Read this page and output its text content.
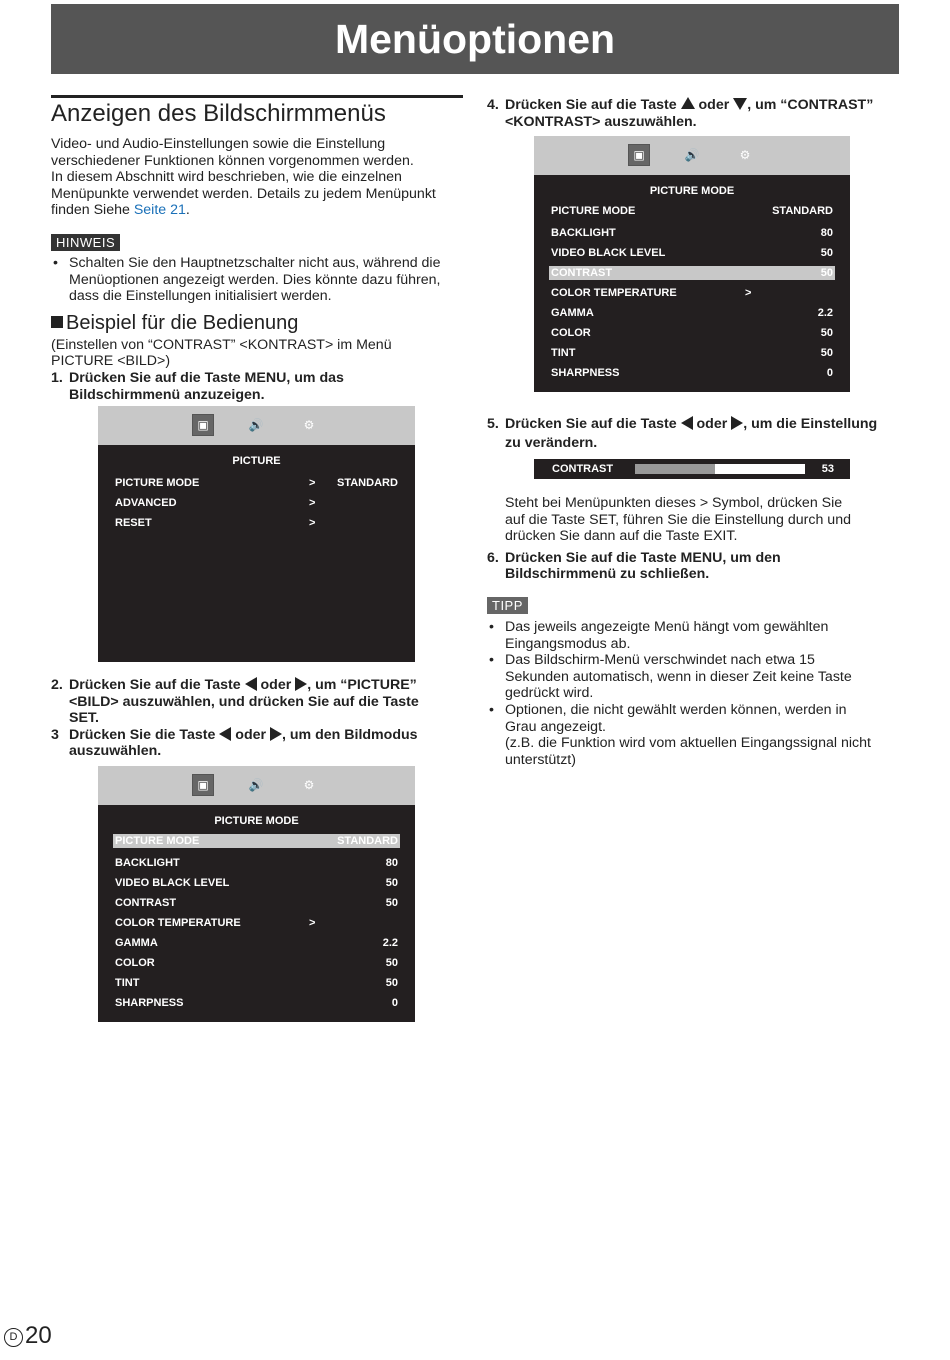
Menüoptionen
Anzeigen des Bildschirmmenüs

Video- und Audio-Einstellungen sowie die Einstellung

verschiedener Funktionen können vorgenommen werden.

In diesem Abschnitt wird beschrieben, wie die einzelnen

Menüpunkte verwendet werden. Details zu jedem Menüpunkt

finden Siehe Seite 21.

HINWEIS
• Schalten Sie den Hauptnetzschalter nicht aus, während die
Menüoptionen angezeigt werden. Dies könnte dazu führen,
dass die Einstellungen initialisiert werden.
Beispiel für die Bedienung

(Einstellen von “CONTRAST” <KONTRAST> im Menü

PICTURE <BILD>)

1. Drücken Sie auf die Taste MENU, um das
Bildschirmmenü anzuzeigen.
▣	🔊	⚙
PICTURE
PICTURE MODE	> STANDARD
ADVANCED	>
RESET	>
2. Drücken Sie auf die Taste  oder , um “PICTURE”
<BILD> auszuwählen, und drücken Sie auf die Taste
SET.
3 Drücken Sie die Taste  oder , um den Bildmodus
auszuwählen.
▣	🔊	⚙
PICTURE MODE
PICTURE MODE	STANDARD
BACKLIGHT	80
VIDEO BLACK LEVEL	50
CONTRAST	50
COLOR TEMPERATURE	>
GAMMA	2.2
COLOR	50
TINT	50
SHARPNESS	0
4. Drücken Sie auf die Taste  oder , um “CONTRAST”
<KONTRAST> auszuwählen.
▣	🔊	⚙
PICTURE MODE
PICTURE MODE	STANDARD
BACKLIGHT	80
VIDEO BLACK LEVEL	50
CONTRAST	50
COLOR TEMPERATURE	>
GAMMA	2.2
COLOR	50
TINT	50
SHARPNESS	0
5. Drücken Sie auf die Taste  oder , um die Einstellung
zu verändern.
CONTRAST	53

Steht bei Menüpunkten dieses > Symbol, drücken Sie

auf die Taste SET, führen Sie die Einstellung durch und

drücken Sie dann auf die Taste EXIT.

6. Drücken Sie auf die Taste MENU, um den
Bildschirmmenü zu schließen.
TIPP
• Das jeweils angezeigte Menü hängt vom gewählten
Eingangsmodus ab.
• Das Bildschirm-Menü verschwindet nach etwa 15
Sekunden automatisch, wenn in dieser Zeit keine Taste
gedrückt wird.
• Optionen, die nicht gewählt werden können, werden in
Grau angezeigt.
(z.B. die Funktion wird vom aktuellen Eingangssignal nicht
unterstützt)
D 20
